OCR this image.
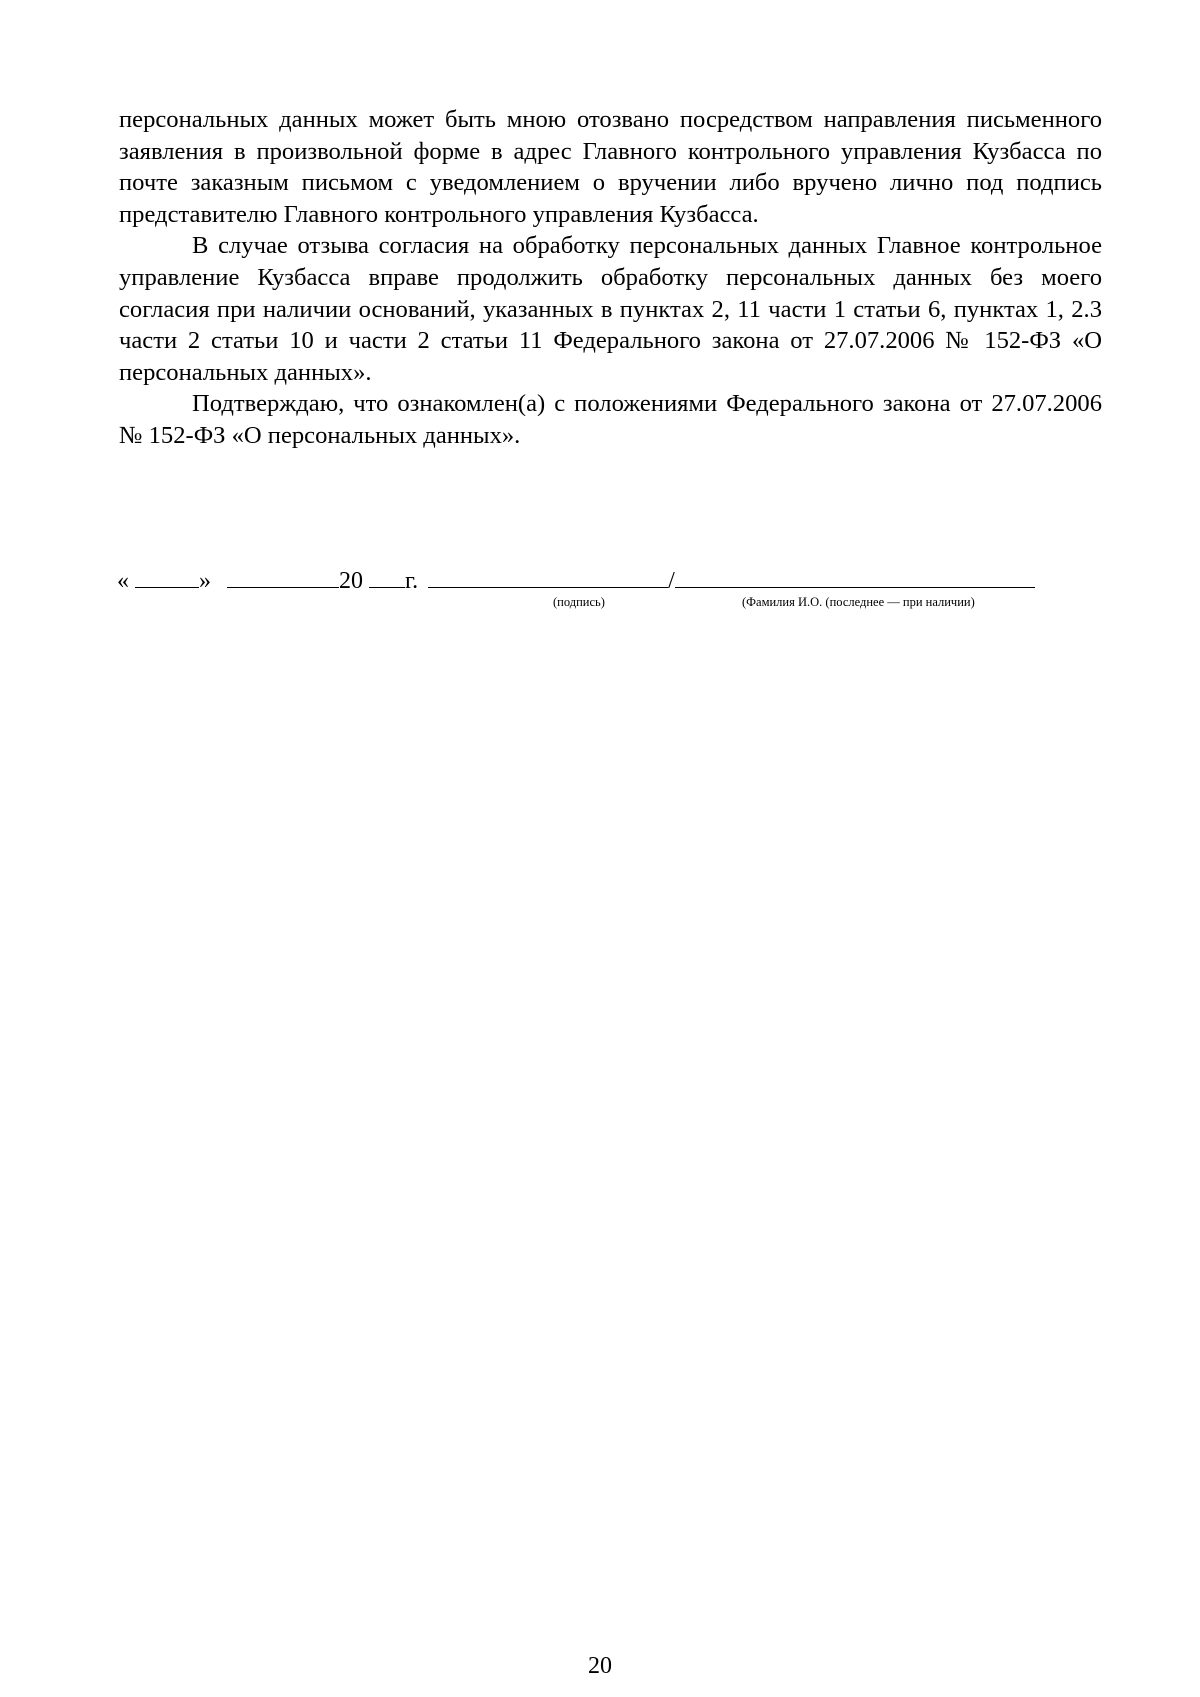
персональных данных может быть мною отозвано посредством направления письменного заявления в произвольной форме в адрес Главного контрольного управления Кузбасса по почте заказным письмом с уведомлением о вручении либо вручено лично под подпись представителю Главного контрольного управления Кузбасса.

В случае отзыва согласия на обработку персональных данных Главное контрольное управление Кузбасса вправе продолжить обработку персональных данных без моего согласия при наличии оснований, указанных в пунктах 2, 11 части 1 статьи 6, пунктах 1, 2.3 части 2 статьи 10 и части 2 статьи 11 Федерального закона от 27.07.2006 № 152-ФЗ «О персональных данных».

Подтверждаю, что ознакомлен(а) с положениями Федерального закона от 27.07.2006 № 152-ФЗ «О персональных данных».

«	»	20 г.	/
(подпись)	(Фамилия И.О. (последнее — при наличии)
20
